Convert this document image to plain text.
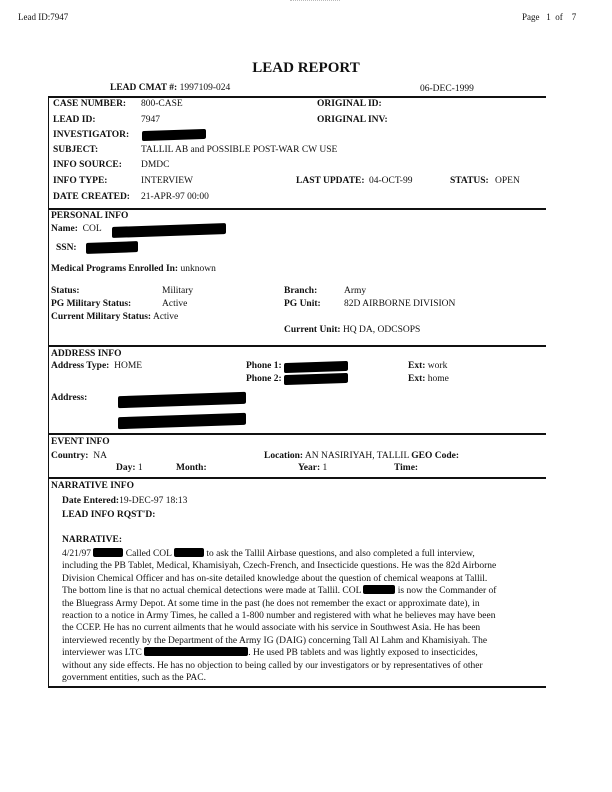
Lead ID:7947	Page 1 of 7
LEAD REPORT
LEAD CMAT #: 1997109-024	06-DEC-1999
CASE NUMBER: 800-CASE	ORIGINAL ID:
LEAD ID:	7947	ORIGINAL INV:
INVESTIGATOR:
SUBJECT:	TALLIL AB and POSSIBLE POST-WAR CW USE
INFO SOURCE: DMDC
INFO TYPE:	INTERVIEW	LAST UPDATE: 04-OCT-99	STATUS: OPEN
DATE CREATED: 21-APR-97 00:00
PERSONAL INFO
Name: COL
SSN:
Medical Programs Enrolled In: unknown
Status:	Military	Branch:	Army
PG Military Status:	Active	PG Unit: 82D AIRBORNE DIVISION
Current Military Status: Active
Current Unit: HQ DA, ODCSOPS
ADDRESS INFO
Address Type: HOME	Phone 1:	Ext: work
Phone 2:	Ext: home
Address:
EVENT INFO
Country: NA	Location: AN NASIRIYAH, TALLIL GEO Code:
Day: 1	Month:	Year: 1	Time:
NARRATIVE INFO
Date Entered:19-DEC-97 18:13
LEAD INFO RQST'D:
NARRATIVE:
4/21/97	Called COL	to ask the Tallil Airbase questions, and also completed a full interview,
including the PB Tablet, Medical, Khamisiyah, Czech-French, and Insecticide questions. He was the 82d Airborne
Division Chemical Officer and has on-site detailed knowledge about the question of chemical weapons at Tallil.
The bottom line is that no actual chemical detections were made at Tallil. COL	is now the Commander of
the Bluegrass Army Depot. At some time in the past (he does not remember the exact or approximate date), in
reaction to a notice in Army Times, he called a 1-800 number and registered with what he believes may have been
the CCEP. He has no current ailments that he would associate with his service in Southwest Asia. He has been
interviewed recently by the Department of the Army IG (DAIG) concerning Tall Al Lahm and Khamisiyah. The
interviewer was LTC	. He used PB tablets and was lightly exposed to insecticides,
without any side effects. He has no objection to being called by our investigators or by representatives of other
government entities, such as the PAC.
